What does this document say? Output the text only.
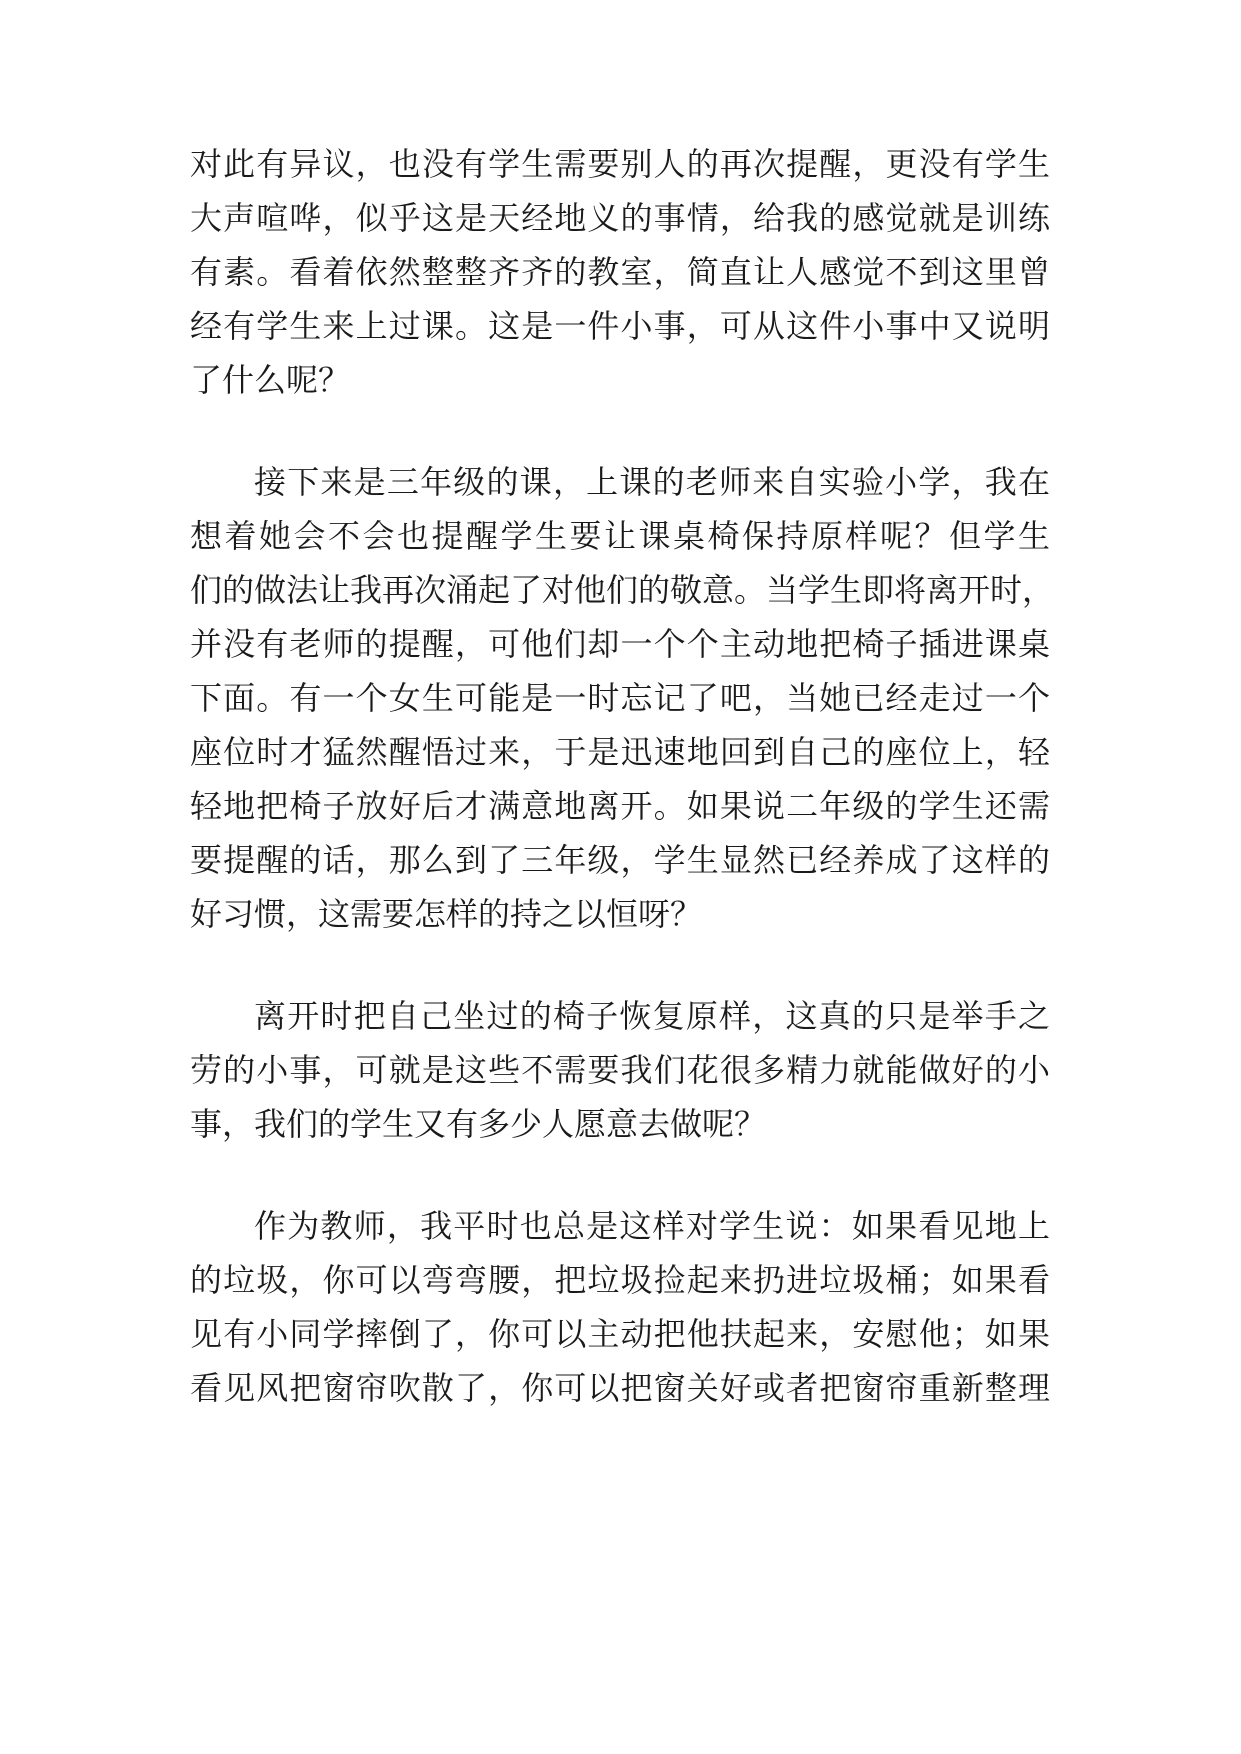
对此有异议，也没有学生需要别人的再次提醒，更没有学生
大声喧哗，似乎这是天经地义的事情，给我的感觉就是训练
有素。看着依然整整齐齐的教室，简直让人感觉不到这里曾
经有学生来上过课。这是一件小事，可从这件小事中又说明
了什么呢？
接下来是三年级的课，上课的老师来自实验小学，我在
想着她会不会也提醒学生要让课桌椅保持原样呢？但学生
们的做法让我再次涌起了对他们的敬意。当学生即将离开时，
并没有老师的提醒，可他们却一个个主动地把椅子插进课桌
下面。有一个女生可能是一时忘记了吧，当她已经走过一个
座位时才猛然醒悟过来，于是迅速地回到自己的座位上，轻
轻地把椅子放好后才满意地离开。如果说二年级的学生还需
要提醒的话，那么到了三年级，学生显然已经养成了这样的
好习惯，这需要怎样的持之以恒呀？
离开时把自己坐过的椅子恢复原样，这真的只是举手之
劳的小事，可就是这些不需要我们花很多精力就能做好的小
事，我们的学生又有多少人愿意去做呢？
作为教师，我平时也总是这样对学生说：如果看见地上
的垃圾，你可以弯弯腰，把垃圾捡起来扔进垃圾桶；如果看
见有小同学摔倒了，你可以主动把他扶起来，安慰他；如果
看见风把窗帘吹散了，你可以把窗关好或者把窗帘重新整理
